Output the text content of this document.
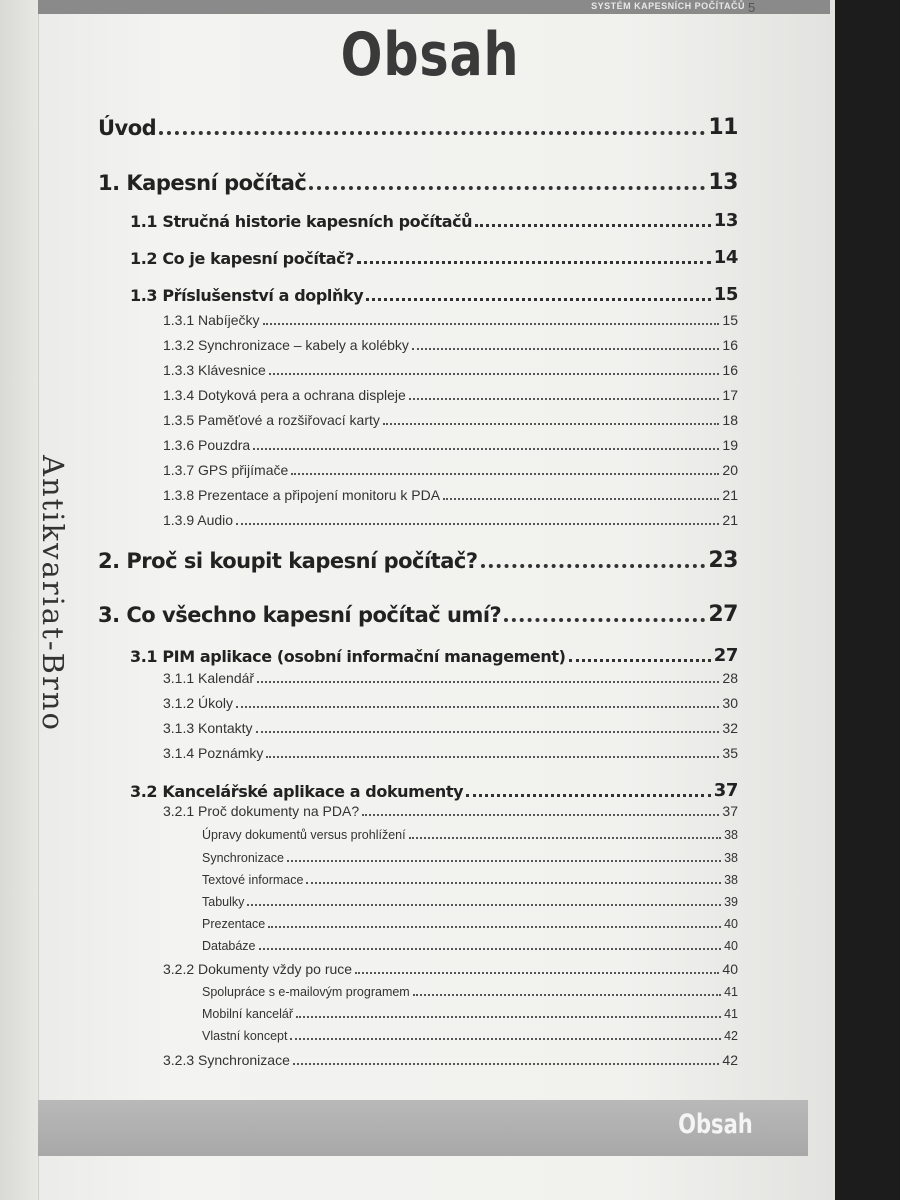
SYSTÉM KAPESNÍCH POČÍTAČŮ 5
Obsah
Úvod	11
1. Kapesní počítač	13
1.1 Stručná historie kapesních počítačů	13
1.2 Co je kapesní počítač?	14
1.3 Příslušenství a doplňky	15
1.3.1 Nabíječky	15
1.3.2 Synchronizace – kabely a kolébky	16
1.3.3 Klávesnice	16
1.3.4 Dotyková pera a ochrana displeje	17
1.3.5 Paměťové a rozšiřovací karty	18
1.3.6 Pouzdra	19
1.3.7 GPS přijímače	20
1.3.8 Prezentace a připojení monitoru k PDA	21
1.3.9 Audio	21
2. Proč si koupit kapesní počítač?	23
3. Co všechno kapesní počítač umí?	27
3.1 PIM aplikace (osobní informační management)	27
3.1.1 Kalendář	28
3.1.2 Úkoly	30
3.1.3 Kontakty	32
3.1.4 Poznámky	35
3.2 Kancelářské aplikace a dokumenty	37
3.2.1 Proč dokumenty na PDA?	37
Úpravy dokumentů versus prohlížení	38
Synchronizace	38
Textové informace	38
Tabulky	39
Prezentace	40
Databáze	40
3.2.2 Dokumenty vždy po ruce	40
Spolupráce s e-mailovým programem	41
Mobilní kancelář	41
Vlastní koncept	42
3.2.3 Synchronizace	42
Antikvariat-Brno
Obsah
